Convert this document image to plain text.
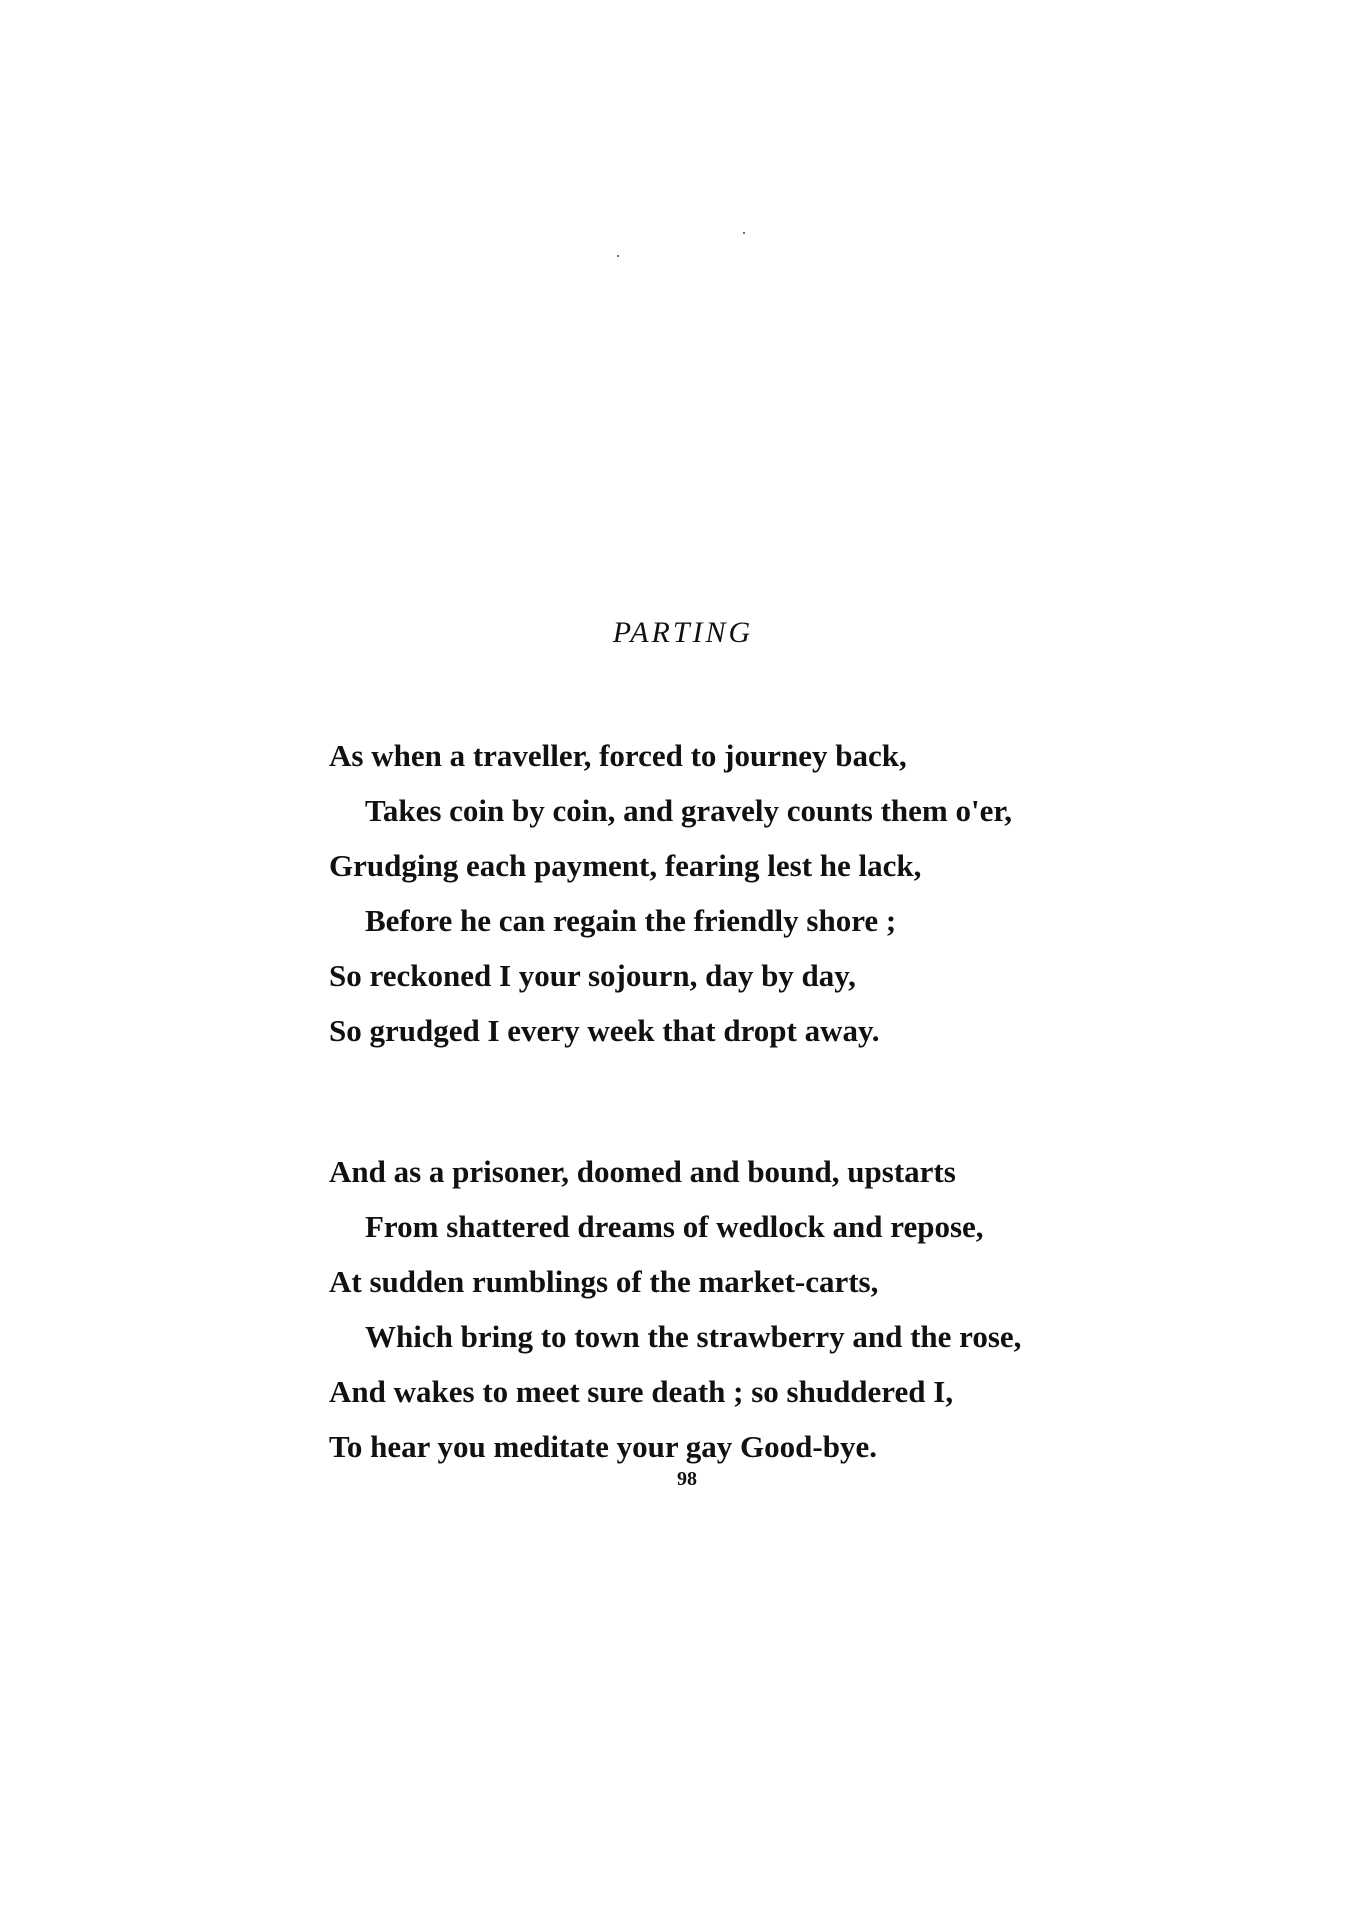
PARTING
As when a traveller, forced to journey back,
Takes coin by coin, and gravely counts them o'er,
Grudging each payment, fearing lest he lack,
Before he can regain the friendly shore ;
So reckoned I your sojourn, day by day,
So grudged I every week that dropt away.
And as a prisoner, doomed and bound, upstarts
From shattered dreams of wedlock and repose,
At sudden rumblings of the market-carts,
Which bring to town the strawberry and the rose,
And wakes to meet sure death ; so shuddered I,
To hear you meditate your gay Good-bye.
98
